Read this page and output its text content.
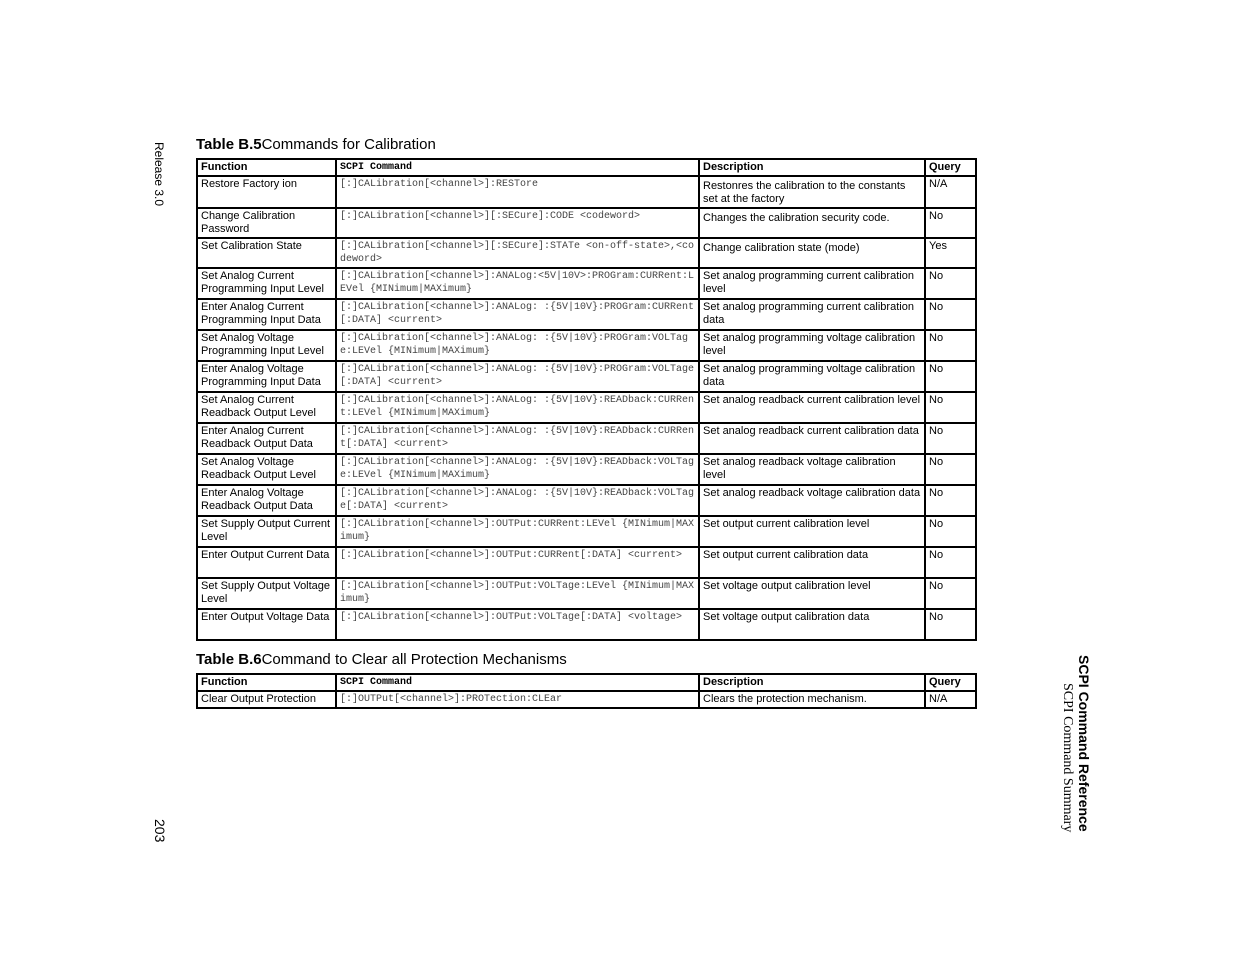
Release 3.0
203	SCPI Command Reference
SCPI Command Summary
Table B.5Commands for Calibration
Function	SCPI Command	Description	Query
Restore Factory ion	[:]CALibration[<channel>]:RESTore	Restonres the calibration to the constants set at the factory	N/A
Change Calibration Password	[:]CALibration[<channel>][:SECure]:CODE <codeword>	Changes the calibration security code.	No
Set Calibration State	[:]CALibration[<channel>][:SECure]:STATe <on-off-state>,<codeword>	Change calibration state (mode)	Yes
Set Analog Current Programming Input Level	[:]CALibration[<channel>]:ANALog:<5V|10V>:PROGram:CURRent:LEVel {MINimum|MAXimum}	Set analog programming current calibration level	No
Enter Analog Current Programming Input Data	[:]CALibration[<channel>]:ANALog: :{5V|10V}:PROGram:CURRent[:DATA] <current>	Set analog programming current calibration data	No
Set Analog Voltage Programming Input Level	[:]CALibration[<channel>]:ANALog: :{5V|10V}:PROGram:VOLTage:LEVel {MINimum|MAXimum}	Set analog programming voltage calibration level	No
Enter Analog Voltage Programming Input Data	[:]CALibration[<channel>]:ANALog: :{5V|10V}:PROGram:VOLTage[:DATA] <current>	Set analog programming voltage calibration data	No
Set Analog Current Readback Output Level	[:]CALibration[<channel>]:ANALog: :{5V|10V}:READback:CURRent:LEVel {MINimum|MAXimum}	Set analog readback current calibration level	No
Enter Analog Current Readback Output Data	[:]CALibration[<channel>]:ANALog: :{5V|10V}:READback:CURRent[:DATA] <current>	Set analog readback current calibration data	No
Set Analog Voltage Readback Output Level	[:]CALibration[<channel>]:ANALog: :{5V|10V}:READback:VOLTage:LEVel {MINimum|MAXimum}	Set analog readback voltage calibration level	No
Enter Analog Voltage Readback Output Data	[:]CALibration[<channel>]:ANALog: :{5V|10V}:READback:VOLTage[:DATA] <current>	Set analog readback voltage calibration data	No
Set Supply Output Current Level	[:]CALibration[<channel>]:OUTPut:CURRent:LEVel {MINimum|MAXimum}	Set output current calibration level	No
Enter Output Current Data	[:]CALibration[<channel>]:OUTPut:CURRent[:DATA] <current>	Set output current calibration data	No
Set Supply Output Voltage Level	[:]CALibration[<channel>]:OUTPut:VOLTage:LEVel {MINimum|MAXimum}	Set voltage output calibration level	No
Enter Output Voltage Data	[:]CALibration[<channel>]:OUTPut:VOLTage[:DATA] <voltage>	Set voltage output calibration data	No
Table B.6Command to Clear all Protection Mechanisms
Function	SCPI Command	Description	Query
Clear Output Protection	[:]OUTPut[<channel>]:PROTection:CLEar	Clears the protection mechanism.	N/A
